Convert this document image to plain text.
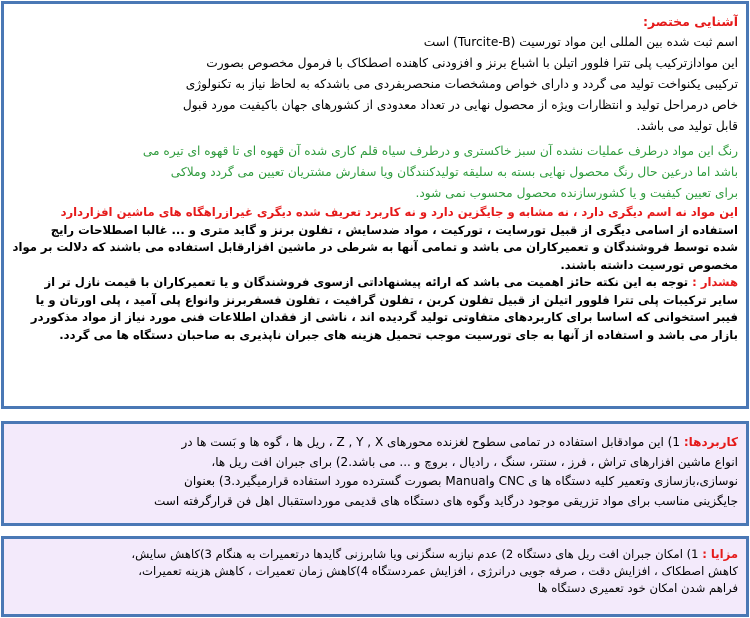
آشنایی مختصر:
اسم ثبت شده بین المللی این مواد تورسیت (Turcite-B) است
این موادازترکیب پلی تترا فلوور اتیلن با اشباع برنز و افزودنی کاهنده اصطکاک با فرمول مخصوص بصورت
ترکیبی یکنواخت تولید می گردد و دارای خواص ومشخصات منحصربفردی می باشدکه به لحاظ نیاز به تکنولوژی
خاص درمراحل تولید و انتظارات ویژه از محصول نهایی در تعداد معدودی از کشورهای جهان باکیفیت مورد قبول
قابل تولید می باشد.
رنگ این مواد درطرف عملیات نشده آن سبز خاکستری و درطرف سیاه قلم کاری شده آن قهوه ای تا قهوه ای تیره می
باشد اما درعین حال رنگ محصول نهایی بسته به سلیقه تولیدکنندگان ویا سفارش مشتریان تعیین می گردد وملاکی
برای تعیین کیفیت و یا کشورسازنده محصول محسوب نمی شود.
این مواد نه اسم دیگری دارد ، نه مشابه و جایگزین دارد و نه کاربرد تعریف شده دیگری غیرازراهگاه های ماشین افزاردارد
استفاده از اسامی دیگری از قبیل تورسایت ، تورکیت ، مواد ضدسایش ، تفلون برنز و گاید متری و ... غالبا اصطلاحات رایج
شده توسط فروشندگان و تعمیرکاران می باشد و تمامی آنها به شرطی در ماشین افزارقابل استفاده می باشند که دلالت بر مواد
مخصوص تورسیت داشته باشند.
هشدار : توجه به این نکته حائز اهمیت می باشد که ارائه پیشنهاداتی ازسوی فروشندگان و یا تعمیرکاران با قیمت نازل تر از
سایر ترکیبات پلی تترا فلوور اتیلن از قبیل تفلون کربن ، تفلون گرافیت ، تفلون فسفربرنز وانواع پلی آمید ، پلی اورتان و یا
فیبر استخوانی که اساسا برای کاربردهای متفاوتی تولید گردیده اند ، ناشی از فقدان اطلاعات فنی مورد نیاز از مواد مذکوردر
بازار می باشد و استفاده از آنها به جای تورسیت موجب تحمیل هزینه های جبران ناپذیری به صاحبان دستگاه ها می گردد.
کاربردها: 1) این موادقابل استفاده در تمامی سطوح لغزنده محورهای Z , Y , X ، ریل ها ، گوه ها و بَست ها در
انواع ماشین افزارهای تراش ، فرز ، سنتر، سنگ ، رادیال ، بروچ و ... می باشد.2) برای جبران افت ریل ها،
نوسازی،بازسازی وتعمیر کلیه دستگاه ها ی CNC وManual بصورت گسترده مورد استفاده قرارمیگیرد.3) بعنوان
جایگزینی مناسب برای مواد تزریقی موجود درگاید وگوه های دستگاه های قدیمی مورداستقبال اهل فن قرارگرفته است
مزایا : 1) امکان جبران افت ریل های دستگاه 2) عدم نیازبه سنگزنی ویا شابرزنی گایدها درتعمیرات به هنگام 3)کاهش سایش،
کاهش اصطکاک ، افزایش دقت ، صرفه جویی درانرژی ، افزایش عمردستگاه 4)کاهش زمان تعمیرات ، کاهش هزینه تعمیرات،
فراهم شدن امکان خود تعمیری دستگاه ها
